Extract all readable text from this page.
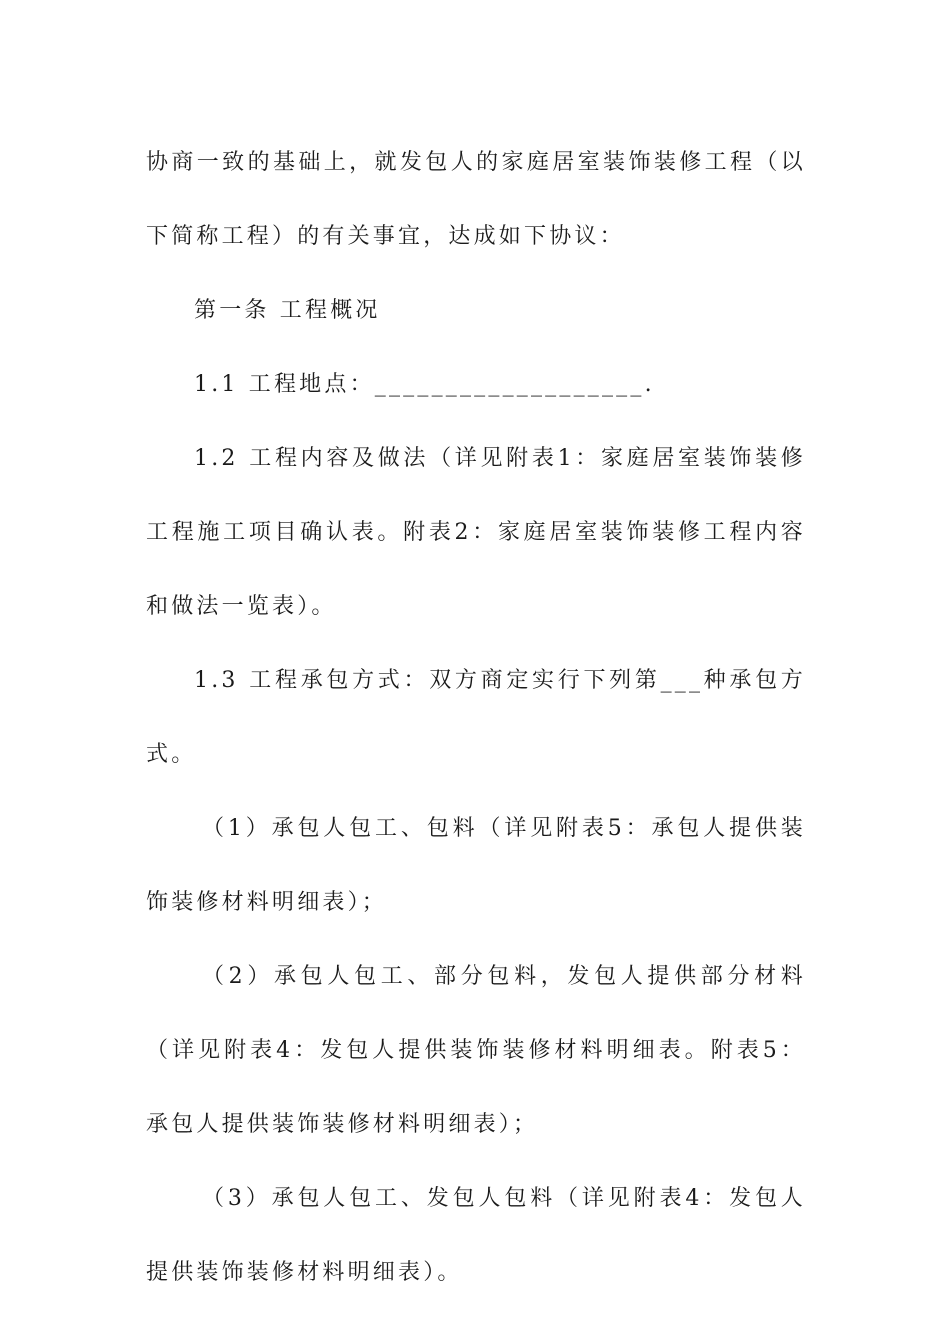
协商一致的基础上，就发包人的家庭居室装饰装修工程（以下简称工程）的有关事宜，达成如下协议：

第一条 工程概况

1.1 工程地点：___________________.

1.2 工程内容及做法（详见附表1：家庭居室装饰装修工程施工项目确认表。附表2：家庭居室装饰装修工程内容和做法一览表）。

1.3 工程承包方式：双方商定实行下列第___种承包方式。

（1）承包人包工、包料（详见附表5：承包人提供装饰装修材料明细表）；

（2）承包人包工、部分包料，发包人提供部分材料（详见附表4：发包人提供装饰装修材料明细表。附表5：承包人提供装饰装修材料明细表）；

（3）承包人包工、发包人包料（详见附表4：发包人提供装饰装修材料明细表）。
